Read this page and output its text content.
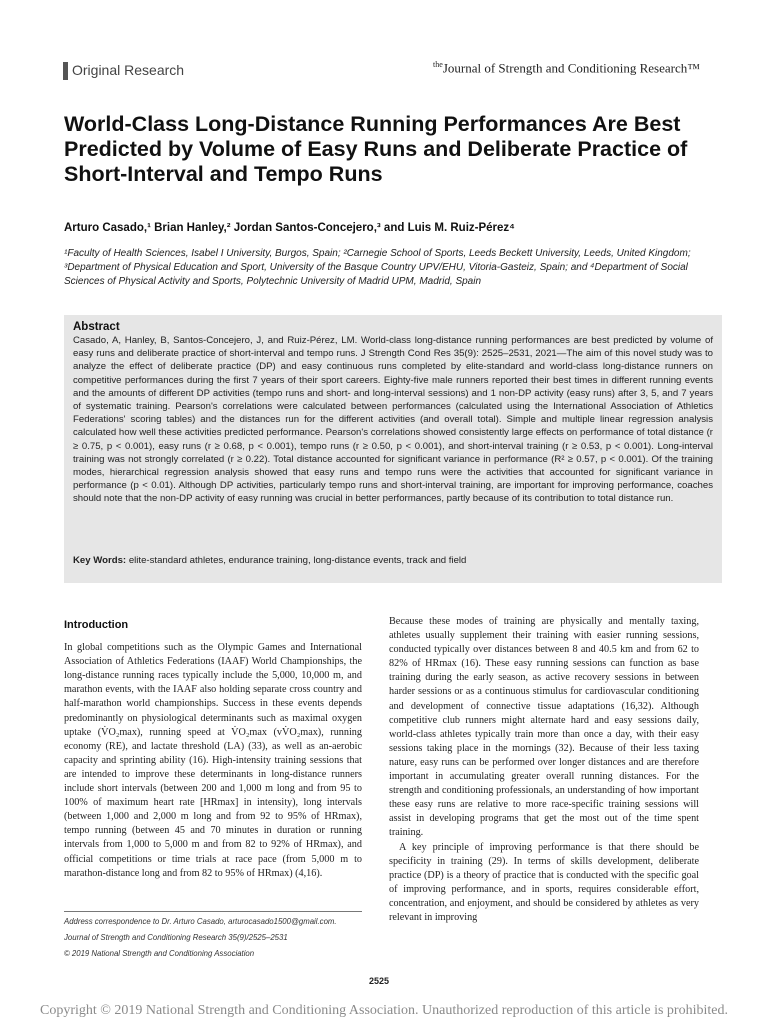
Original Research	$^{the}$Journal of Strength and Conditioning Research™
World-Class Long-Distance Running Performances Are Best Predicted by Volume of Easy Runs and Deliberate Practice of Short-Interval and Tempo Runs
Arturo Casado,¹ Brian Hanley,² Jordan Santos-Concejero,³ and Luis M. Ruiz-Pérez⁴
¹Faculty of Health Sciences, Isabel I University, Burgos, Spain; ²Carnegie School of Sports, Leeds Beckett University, Leeds, United Kingdom; ³Department of Physical Education and Sport, University of the Basque Country UPV/EHU, Vitoria-Gasteiz, Spain; and ⁴Department of Social Sciences of Physical Activity and Sports, Polytechnic University of Madrid UPM, Madrid, Spain
Abstract
Casado, A, Hanley, B, Santos-Concejero, J, and Ruiz-Pérez, LM. World-class long-distance running performances are best predicted by volume of easy runs and deliberate practice of short-interval and tempo runs. J Strength Cond Res 35(9): 2525–2531, 2021—The aim of this novel study was to analyze the effect of deliberate practice (DP) and easy continuous runs completed by elite-standard and world-class long-distance runners on competitive performances during the first 7 years of their sport careers. Eighty-five male runners reported their best times in different running events and the amounts of different DP activities (tempo runs and short- and long-interval sessions) and 1 non-DP activity (easy runs) after 3, 5, and 7 years of systematic training. Pearson's correlations were calculated between performances (calculated using the International Association of Athletics Federations' scoring tables) and the distances run for the different activities (and overall total). Simple and multiple linear regression analysis calculated how well these activities predicted performance. Pearson's correlations showed consistently large effects on performance of total distance (r ≥ 0.75, p < 0.001), easy runs (r ≥ 0.68, p < 0.001), tempo runs (r ≥ 0.50, p < 0.001), and short-interval training (r ≥ 0.53, p < 0.001). Long-interval training was not strongly correlated (r ≥ 0.22). Total distance accounted for significant variance in performance (R² ≥ 0.57, p < 0.001). Of the training modes, hierarchical regression analysis showed that easy runs and tempo runs were the activities that accounted for significant variance in performance (p < 0.01). Although DP activities, particularly tempo runs and short-interval training, are important for improving performance, coaches should note that the non-DP activity of easy running was crucial in better performances, partly because of its contribution to total distance run.
Key Words: elite-standard athletes, endurance training, long-distance events, track and field
Introduction

In global competitions such as the Olympic Games and International Association of Athletics Federations (IAAF) World Championships, the long-distance running races typically include the 5,000, 10,000 m, and marathon events, with the IAAF also holding separate cross country and half-marathon world championships. Success in these events depends predominantly on physiological determinants such as maximal oxygen uptake (V̇O₂max), running speed at V̇O₂max (vV̇O₂max), running economy (RE), and lactate threshold (LA) (33), as well as an-aerobic capacity and sprinting ability (16). High-intensity training sessions that are intended to improve these determinants in long-distance runners include short intervals (between 200 and 1,000 m long and from 95 to 100% of maximum heart rate [HRmax] in intensity), long intervals (between 1,000 and 2,000 m long and from 92 to 95% of HRmax), tempo running (between 45 and 70 minutes in duration or running intervals from 1,000 to 5,000 m and from 82 to 92% of HRmax), and official competitions or time trials at race pace (from 5,000 m to marathon-distance long and from 82 to 95% of HRmax) (4,16).

Because these modes of training are physically and mentally taxing, athletes usually supplement their training with easier running sessions, conducted typically over distances between 8 and 40.5 km and from 62 to 82% of HRmax (16). These easy running sessions can function as base training during the early season, as active recovery sessions in between harder sessions or as a continuous stimulus for cardiovascular conditioning and development of connective tissue adaptations (16,32). Although competitive club runners might alternate hard and easy sessions daily, world-class athletes typically train more than once a day, with their easy sessions taking place in the mornings (32). Because of their less taxing nature, easy runs can be performed over longer distances and are therefore important in accumulating greater overall running distances. For the strength and conditioning professionals, an understanding of how important these easy runs are relative to more race-specific training sessions will assist in developing programs that get the most out of the time spent training.

A key principle of improving performance is that there should be specificity in training (29). In terms of skills development, deliberate practice (DP) is a theory of practice that is conducted with the specific goal of improving performance, and in sports, requires considerable effort, concentration, and enjoyment, and should be considered by athletes as very relevant in improving

Address correspondence to Dr. Arturo Casado, arturocasado1500@gmail.com.
Journal of Strength and Conditioning Research 35(9)/2525–2531
© 2019 National Strength and Conditioning Association
2525
Copyright © 2019 National Strength and Conditioning Association. Unauthorized reproduction of this article is prohibited.
